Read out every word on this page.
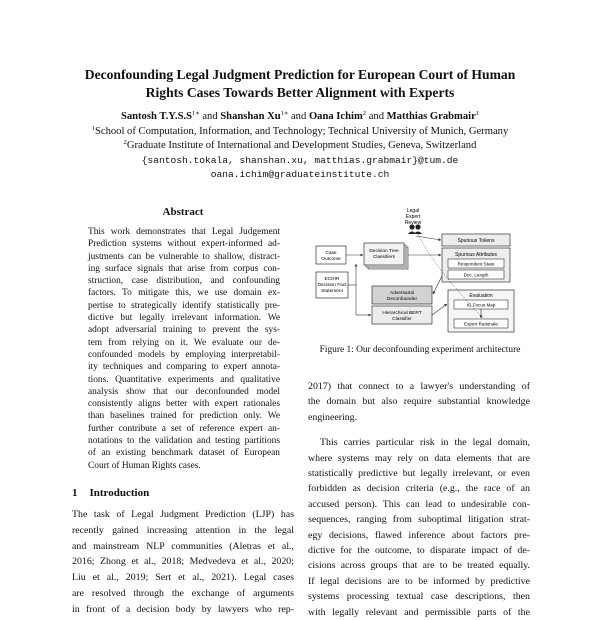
Deconfounding Legal Judgment Prediction for European Court of Human
Rights Cases Towards Better Alignment with Experts
Santosh $T.Y.S.S^{1∗}$ and Shanshan $Xu^{1∗}$ and Oana Ichim$^2$ and Matthias Grabmair$^1$
$^1$School of Computation, Information, and Technology; Technical University of Munich, Germany
$^2$Graduate Institute of International and Development Studies, Geneva, Switzerland
{santosh.tokala, shanshan.xu, matthias.grabmair}@tum.de
oana.ichim@graduateinstitute.ch
Abstract
This work demonstrates that Legal Judgement
Prediction systems without expert-informed ad-
justments can be vulnerable to shallow, distract-
ing surface signals that arise from corpus con-
struction, case distribution, and confounding
factors. To mitigate this, we use domain ex-
pertise to strategically identify statistically pre-
dictive but legally irrelevant information. We
adopt adversarial training to prevent the sys-
tem from relying on it. We evaluate our de-
confounded models by employing interpretabil-
ity techniques and comparing to expert annota-
tions. Quantitative experiments and qualitative
analysis show that our deconfounded model
consistently aligns better with expert rationales
than baselines trained for prediction only. We
further contribute a set of reference expert an-
notations to the validation and testing partitions
of an existing benchmark dataset of European
Court of Human Rights cases.
1 Introduction
The task of Legal Judgment Prediction (LJP) has
recently gained increasing attention in the legal
and mainstream NLP communities (Aletras et al.,
2016; Zhong et al., 2018; Medvedeva et al., 2020;
Liu et al., 2019; Sert et al., 2021). Legal cases
are resolved through the exchange of arguments
in front of a decision body by lawyers who rep-
Legal
Expert
Review
Case
Outcome
ECtHR
Decision Fact
Statement
Decision Tree
Classifiers
Spurious Tokens
Spurious Attributes
Respondent State
Doc. Length
Adversarial
Deconfounder
Hierarchical BERT
Classifier
Evaluation
IG Focus Map
Expert Rationale
Figure 1: Our deconfounding experiment architecture
2017) that connect to a lawyer's understanding of
the domain but also require substantial knowledge
engineering.
This carries particular risk in the legal domain,
where systems may rely on data elements that are
statistically predictive but legally irrelevant, or even
forbidden as decision criteria (e.g., the race of an
accused person). This can lead to undesirable con-
sequences, ranging from suboptimal litigation strat-
egy decisions, flawed inference about factors pre-
dictive for the outcome, to disparate impact of de-
cisions across groups that are to be treated equally.
If legal decisions are to be informed by predictive
systems processing textual case descriptions, then
with legally relevant and permissible parts of the
